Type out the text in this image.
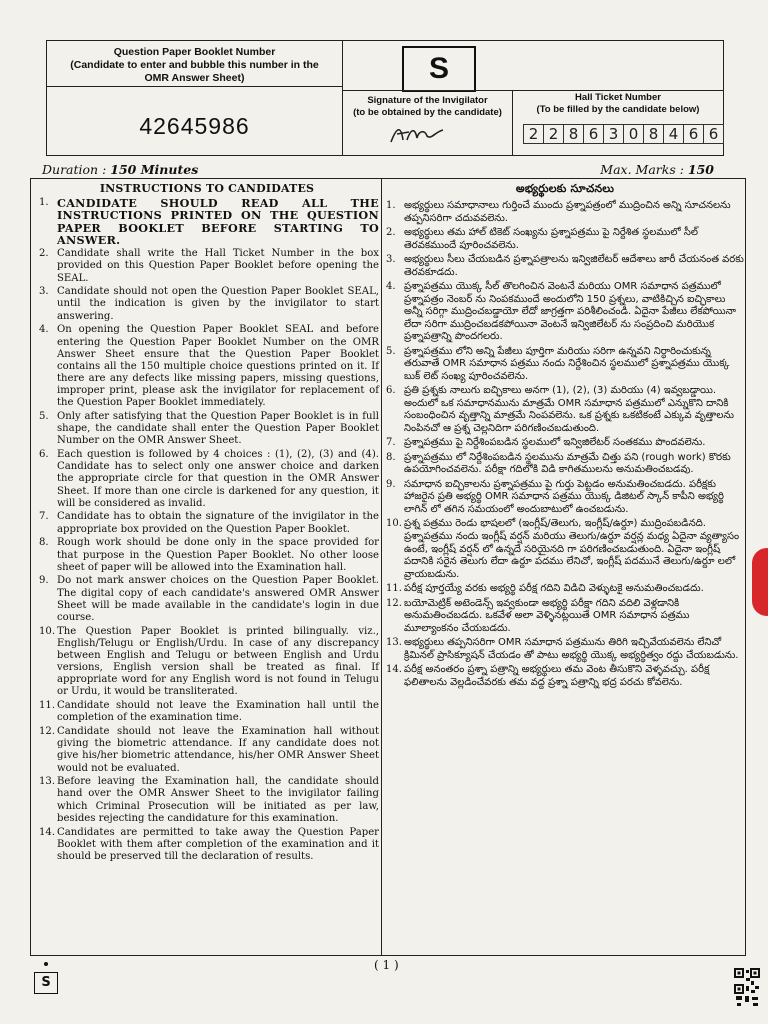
Question Paper Booklet Number
(Candidate to enter and bubble this number in the
OMR Answer Sheet)
42645986
S
Signature of the Invigilator
(to be obtained by the candidate)
Hall Ticket Number
(To be filled by the candidate below)
2 2 8 6 3 0 8 4 6 6
Duration : 150 Minutes	Max. Marks : 150
INSTRUCTIONS TO CANDIDATES
1. CANDIDATE SHOULD READ ALL THE INSTRUCTIONS PRINTED ON THE QUESTION PAPER BOOKLET BEFORE STARTING TO ANSWER.
2. Candidate shall write the Hall Ticket Number in the box provided on this Question Paper Booklet before opening the SEAL.
3. Candidate should not open the Question Paper Booklet SEAL, until the indication is given by the invigilator to start answering.
4. On opening the Question Paper Booklet SEAL and before entering the Question Paper Booklet Number on the OMR Answer Sheet ensure that the Question Paper Booklet contains all the 150 multiple choice questions printed on it. If there are any defects like missing papers, missing questions, improper print, please ask the invigilator for replacement of the Question Paper Booklet immediately.
5. Only after satisfying that the Question Paper Booklet is in full shape, the candidate shall enter the Question Paper Booklet Number on the OMR Answer Sheet.
6. Each question is followed by 4 choices : (1), (2), (3) and (4). Candidate has to select only one answer choice and darken the appropriate circle for that question in the OMR Answer Sheet. If more than one circle is darkened for any question, it will be considered as invalid.
7. Candidate has to obtain the signature of the invigilator in the appropriate box provided on the Question Paper Booklet.
8. Rough work should be done only in the space provided for that purpose in the Question Paper Booklet. No other loose sheet of paper will be allowed into the Examination hall.
9. Do not mark answer choices on the Question Paper Booklet. The digital copy of each candidate's answered OMR Answer Sheet will be made available in the candidate's login in due course.
10. The Question Paper Booklet is printed bilingually. viz., English/Telugu or English/Urdu. In case of any discrepancy between English and Telugu or between English and Urdu versions, English version shall be treated as final. If appropriate word for any English word is not found in Telugu or Urdu, it would be transliterated.
11. Candidate should not leave the Examination hall until the completion of the examination time.
12. Candidate should not leave the Examination hall without giving the biometric attendance. If any candidate does not give his/her biometric attendance, his/her OMR Answer Sheet would not be evaluated.
13. Before leaving the Examination hall, the candidate should hand over the OMR Answer Sheet to the invigilator failing which Criminal Prosecution will be initiated as per law, besides rejecting the candidature for this examination.
14. Candidates are permitted to take away the Question Paper Booklet with them after completion of the examination and it should be preserved till the declaration of results.
అభ్యర్థులకు సూచనలు
1. అభ్యర్థులు సమాధానాలు గుర్తించే ముందు ప్రశ్నాపత్రంలో ముద్రించిన అన్ని సూచనలను తప్పనిసరిగా చదువవలెను.
2. అభ్యర్థులు తమ హాల్ టికెట్ సంఖ్యను ప్రశ్నాపత్రము పై నిర్దేశిత స్థలములో సీల్ తెరవకముందే పూరించవలెను.
3. అభ్యర్థులు సీలు చేయబడిన ప్రశ్నాపత్రాలను ఇన్విజిలేటర్ ఆదేశాలు జారీ చేయనంత వరకు తెరవకూడదు.
4. ప్రశ్నాపత్రము యొక్క సీల్ తొలగించిన వెంటనే మరియు OMR సమాధాన పత్రములో ప్రశ్నాపత్రం నెంబర్ ను నింపకముందే అందులోని 150 ప్రశ్నలు, వాటికిచ్చిన ఐచ్ఛికాలు అన్నీ సరిగ్గా ముద్రించబడ్డాయో లేదో జాగ్రత్తగా పరిశీలించండి. ఏదైనా పేజీలు లేకపోయినా లేదా సరిగా ముద్రించబడకపోయినా వెంటనే ఇన్విజిలేటర్ ను సంప్రదించి మరియొక ప్రశ్నాపత్రాన్ని పొందగలరు.
5. ప్రశ్నాపత్రము లోని అన్ని పేజీలు పూర్తిగా మరియు సరిగా ఉన్నవని నిర్ధారించుకున్న తరువాతే OMR సమాధాన పత్రము నందు నిర్దేశించిన స్థలములో ప్రశ్నాపత్రము యొక్క బుక్ లెట్ సంఖ్య పూరించవలెను.
6. ప్రతి ప్రశ్నకు నాలుగు ఐచ్ఛికాలు అనగా (1), (2), (3) మరియు (4) ఇవ్వబడ్డాయి. అందులో ఒక సమాధానమును మాత్రమే OMR సమాధాన పత్రములో ఎన్నుకొని దానికి సంబంధించిన వృత్తాన్ని మాత్రమే నింపవలెను. ఒక ప్రశ్నకు ఒకటికంటే ఎక్కువ వృత్తాలను నింపినచో ఆ ప్రశ్న చెల్లనిదిగా పరిగణించబడుతుంది.
7. ప్రశ్నాపత్రము పై నిర్దేశింపబడిన స్థలములో ఇన్విజిలేటర్ సంతకము పొందవలెను.
8. ప్రశ్నాపత్రము లో నిర్దేశింపబడిన స్థలమును మాత్రమే చిత్తు పని (rough work) కొరకు ఉపయోగించవలెను. పరీక్షా గదిలోకి విడి కాగితములను అనుమతించబడవు.
9. సమాధాన ఐచ్ఛికాలను ప్రశ్నాపత్రము పై గుర్తు పెట్టడం అనుమతించబడదు. పరీక్షకు హాజరైన ప్రతి అభ్యర్థి OMR సమాధాన పత్రము యొక్క డిజిటల్ స్కాన్ కాపీని అభ్యర్థి లాగిన్ లో తగిన సమయంలో అందుబాటులో ఉంచబడును.
10. ప్రశ్న పత్రము రెండు భాషలలో (ఇంగ్లీష్/తెలుగు, ఇంగ్లీష్/ఉర్దూ) ముద్రింపబడినది. ప్రశ్నాపత్రము నందు ఇంగ్లీష్ వర్షన్ మరియు తెలుగు/ఉర్దూ వర్షన్ల మధ్య ఏదైనా వ్యత్యాసం ఉంటే, ఇంగ్లీష్ వర్షన్ లో ఉన్నదే సరియైనది గా పరిగణించబడుతుంది. ఏదైనా ఇంగ్లీష్ పదానికి సరైన తెలుగు లేదా ఉర్దూ పదము లేనిచో, ఇంగ్లీష్ పదమునే తెలుగు/ఉర్దూ లలో వ్రాయబడును.
11. పరీక్ష పూర్తయ్యే వరకు అభ్యర్థి పరీక్ష గదిని విడిచి వెళ్ళుటకై అనుమతించబడదు.
12. బయోమెట్రిక్ అటెండెన్స్ ఇవ్వకుండా అభ్యర్థి పరీక్షా గదిని వదిలి వెళ్లడానికి అనుమతించబడదు. ఒకవేళ అలా వెళ్ళినట్లయితే OMR సమాధాన పత్రము మూల్యాంకనం చేయబడదు.
13. అభ్యర్థులు తప్పనిసరిగా OMR సమాధాన పత్రమును తిరిగి ఇచ్చివేయవలెను లేనిచో క్రిమినల్ ప్రాసిక్యూషన్ చేయడం తో పాటు అభ్యర్థి యొక్క అభ్యర్థిత్వం రద్దు చేయబడును.
14. పరీక్ష అనంతరం ప్రశ్నా పత్రాన్ని అభ్యర్థులు తమ వెంట తీసుకొని వెళ్ళవచ్చు. పరీక్ష ఫలితాలను వెల్లడించేవరకు తమ వద్ద ప్రశ్నా పత్రాన్ని భద్ర పరచు కోవలెను.
( 1 )
S
